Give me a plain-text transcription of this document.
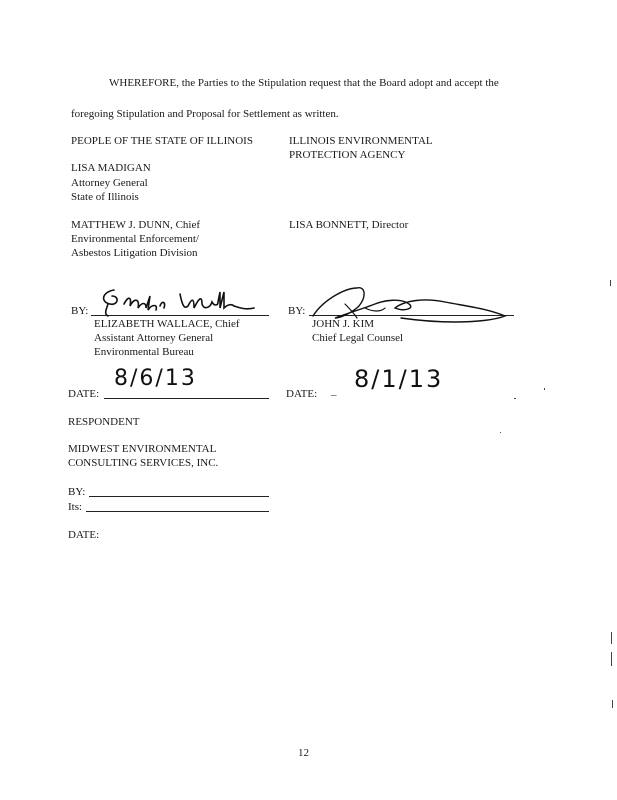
WHEREFORE, the Parties to the Stipulation request that the Board adopt and accept the
foregoing Stipulation and Proposal for Settlement as written.
PEOPLE OF THE STATE OF ILLINOIS
LISA MADIGAN
Attorney General
State of Illinois
MATTHEW J. DUNN, Chief
Environmental Enforcement/
Asbestos Litigation Division
BY:
ELIZABETH WALLACE, Chief
Assistant Attorney General
Environmental Bureau
DATE:
8/6/13
ILLINOIS ENVIRONMENTAL
PROTECTION AGENCY
LISA BONNETT, Director
BY:
JOHN J. KIM
Chief Legal Counsel
DATE: _ 8/1/13
RESPONDENT
MIDWEST ENVIRONMENTAL
CONSULTING SERVICES, INC.
BY:
Its:
DATE:
12
